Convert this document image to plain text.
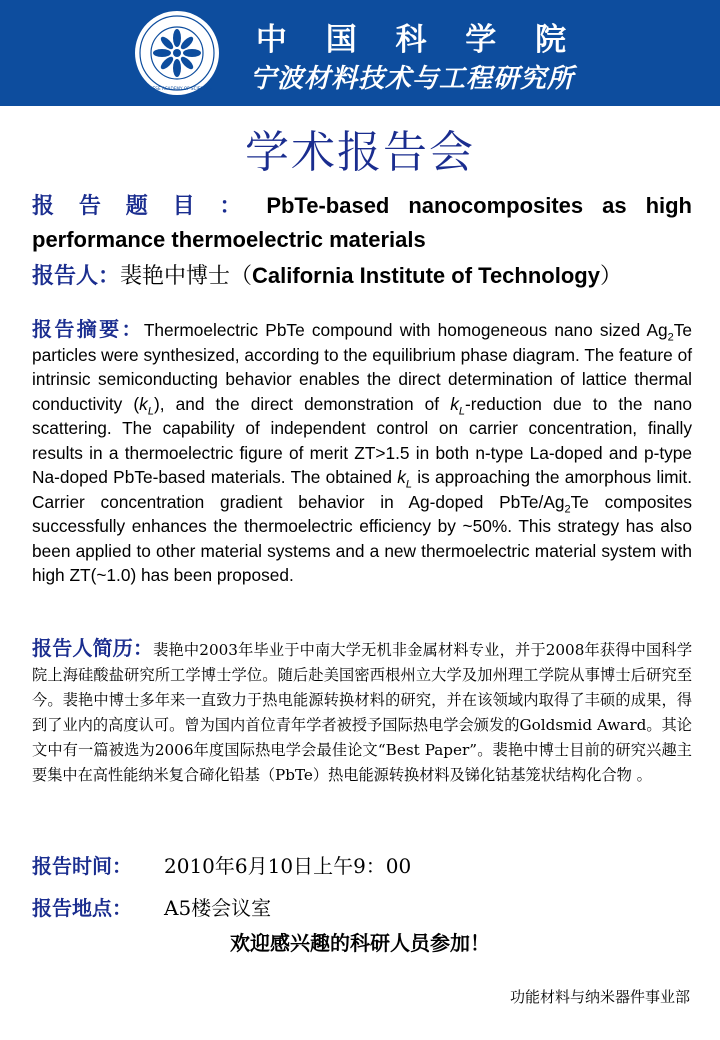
CHINESE ACADEMY OF SCIENCES
中 国 科 学 院
宁波材料技术与工程研究所
学术报告会
报告题目：PbTe-based nanocomposites as high performance thermoelectric materials
报告人：裴艳中博士（California Institute of Technology）
报告摘要：Thermoelectric PbTe compound with homogeneous nano sized $Ag_2Te$ particles were synthesized, according to the equilibrium phase diagram. The feature of intrinsic semiconducting behavior enables the direct determination of lattice thermal conductivity $(k_L)$, and the direct demonstration of $k_L$-reduction due to the nano scattering. The capability of independent control on carrier concentration, finally results in a thermoelectric figure of merit ZT>1.5 in both n-type La-doped and p-type Na-doped PbTe-based materials. The obtained $k_L$ is approaching the amorphous limit. Carrier concentration gradient behavior in Ag-doped PbTe/$Ag_2Te$ composites successfully enhances the thermoelectric efficiency by ~50%. This strategy has also been applied to other material systems and a new thermoelectric material system with high ZT(~1.0) has been proposed.
报告人简历：裴艳中2003年毕业于中南大学无机非金属材料专业，并于2008年获得中国科学院上海硅酸盐研究所工学博士学位。随后赴美国密西根州立大学及加州理工学院从事博士后研究至今。裴艳中博士多年来一直致力于热电能源转换材料的研究，并在该领域内取得了丰硕的成果，得到了业内的高度认可。曾为国内首位青年学者被授予国际热电学会颁发的Goldsmid Award。其论文中有一篇被选为2006年度国际热电学会最佳论文“Best Paper”。裴艳中博士目前的研究兴趣主要集中在高性能纳米复合碲化铅基（PbTe）热电能源转换材料及锑化钴基笼状结构化合物 。
报告时间： 2010年6月10日上午9：00
报告地点： A5楼会议室
欢迎感兴趣的科研人员参加！
功能材料与纳米器件事业部
